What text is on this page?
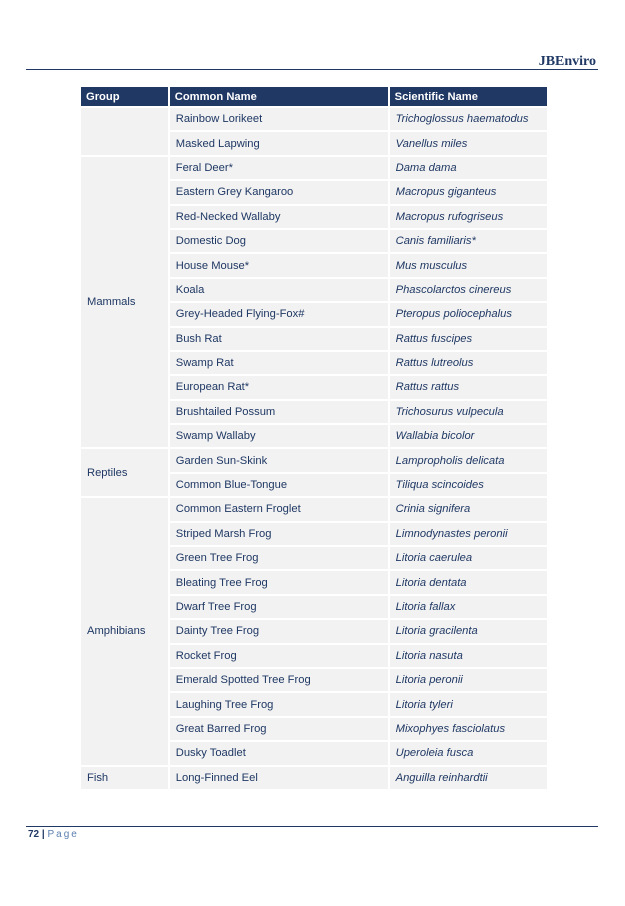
JBEnviro
Group	Common Name	Scientific Name
	Rainbow Lorikeet	Trichoglossus haematodus
	Masked Lapwing	Vanellus miles
Mammals	Feral Deer*	Dama dama
	Eastern Grey Kangaroo	Macropus giganteus
	Red-Necked Wallaby	Macropus rufogriseus
	Domestic Dog	Canis familiaris*
	House Mouse*	Mus musculus
	Koala	Phascolarctos cinereus
	Grey-Headed Flying-Fox#	Pteropus poliocephalus
	Bush Rat	Rattus fuscipes
	Swamp Rat	Rattus lutreolus
	European Rat*	Rattus rattus
	Brushtailed Possum	Trichosurus vulpecula
	Swamp Wallaby	Wallabia bicolor
Reptiles	Garden Sun-Skink	Lampropholis delicata
	Common Blue-Tongue	Tiliqua scincoides
Amphibians	Common Eastern Froglet	Crinia signifera
	Striped Marsh Frog	Limnodynastes peronii
	Green Tree Frog	Litoria caerulea
	Bleating Tree Frog	Litoria dentata
	Dwarf Tree Frog	Litoria fallax
	Dainty Tree Frog	Litoria gracilenta
	Rocket Frog	Litoria nasuta
	Emerald Spotted Tree Frog	Litoria peronii
	Laughing Tree Frog	Litoria tyleri
	Great Barred Frog	Mixophyes fasciolatus
	Dusky Toadlet	Uperoleia fusca
Fish	Long-Finned Eel	Anguilla reinhardtii
72 | Page
